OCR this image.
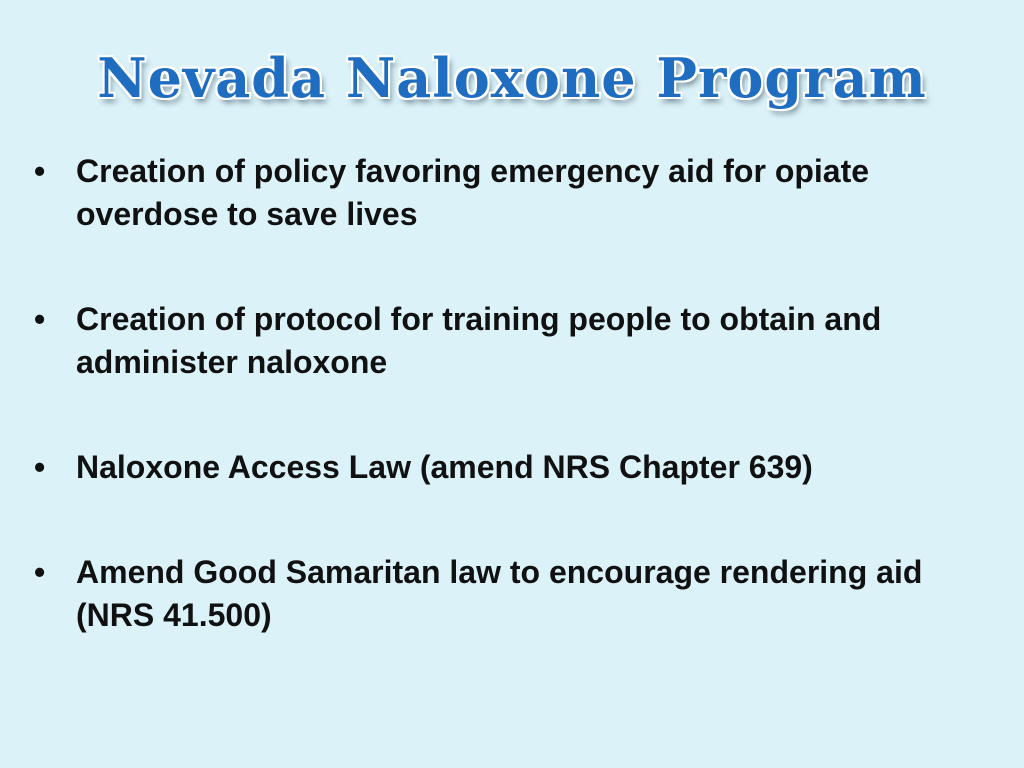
Nevada Naloxone Program
• Creation of policy favoring emergency aid for opiate overdose to save lives
• Creation of protocol for training people to obtain and administer naloxone
• Naloxone Access Law (amend NRS Chapter 639)
• Amend Good Samaritan law to encourage rendering aid (NRS 41.500)
